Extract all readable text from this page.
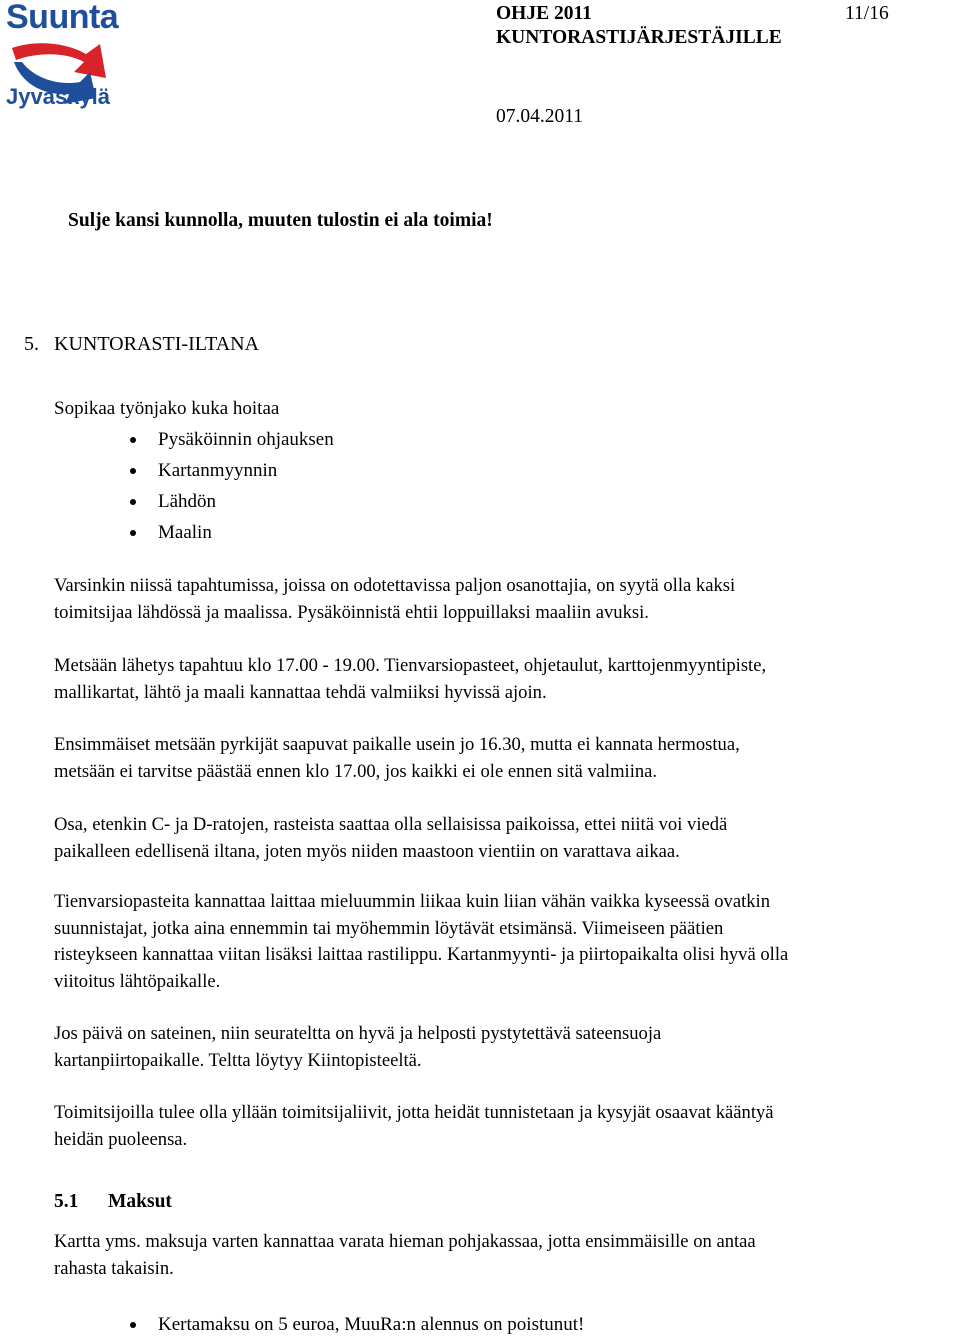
Suunta
Jyväskylä
OHJE 2011	11/16
KUNTORASTIJÄRJESTÄJILLE
07.04.2011
Sulje kansi kunnolla, muuten tulostin ei ala toimia!
5. KUNTORASTI-ILTANA
Sopikaa työnjako kuka hoitaa
Pysäköinnin ohjauksen
Kartanmyynnin
Lähdön
Maalin
Varsinkin niissä tapahtumissa, joissa on odotettavissa paljon osanottajia, on syytä olla kaksi
toimitsijaa lähdössä ja maalissa. Pysäköinnistä ehtii loppuillaksi maaliin avuksi.
Metsään lähetys tapahtuu klo 17.00 - 19.00. Tienvarsiopasteet, ohjetaulut, karttojenmyyntipiste,
mallikartat, lähtö ja maali kannattaa tehdä valmiiksi hyvissä ajoin.
Ensimmäiset metsään pyrkijät saapuvat paikalle usein jo 16.30, mutta ei kannata hermostua,
metsään ei tarvitse päästää ennen klo 17.00, jos kaikki ei ole ennen sitä valmiina.
Osa, etenkin C- ja D-ratojen, rasteista saattaa olla sellaisissa paikoissa, ettei niitä voi viedä
paikalleen edellisenä iltana, joten myös niiden maastoon vientiin on varattava aikaa.
Tienvarsiopasteita kannattaa laittaa mieluummin liikaa kuin liian vähän vaikka kyseessä ovatkin
suunnistajat, jotka aina ennemmin tai myöhemmin löytävät etsimänsä. Viimeiseen päätien
risteykseen kannattaa viitan lisäksi laittaa rastilippu. Kartanmyynti- ja piirtopaikalta olisi hyvä olla
viitoitus lähtöpaikalle.
Jos päivä on sateinen, niin seurateltta on hyvä ja helposti pystytettävä sateensuoja
kartanpiirtopaikalle. Teltta löytyy Kiintopisteeltä.
Toimitsijoilla tulee olla yllään toimitsijaliivit, jotta heidät tunnistetaan ja kysyjät osaavat kääntyä
heidän puoleensa.
5.1 Maksut
Kartta yms. maksuja varten kannattaa varata hieman pohjakassaa, jotta ensimmäisille on antaa
rahasta takaisin.
Kertamaksu on 5 euroa, MuuRa:n alennus on poistunut!
